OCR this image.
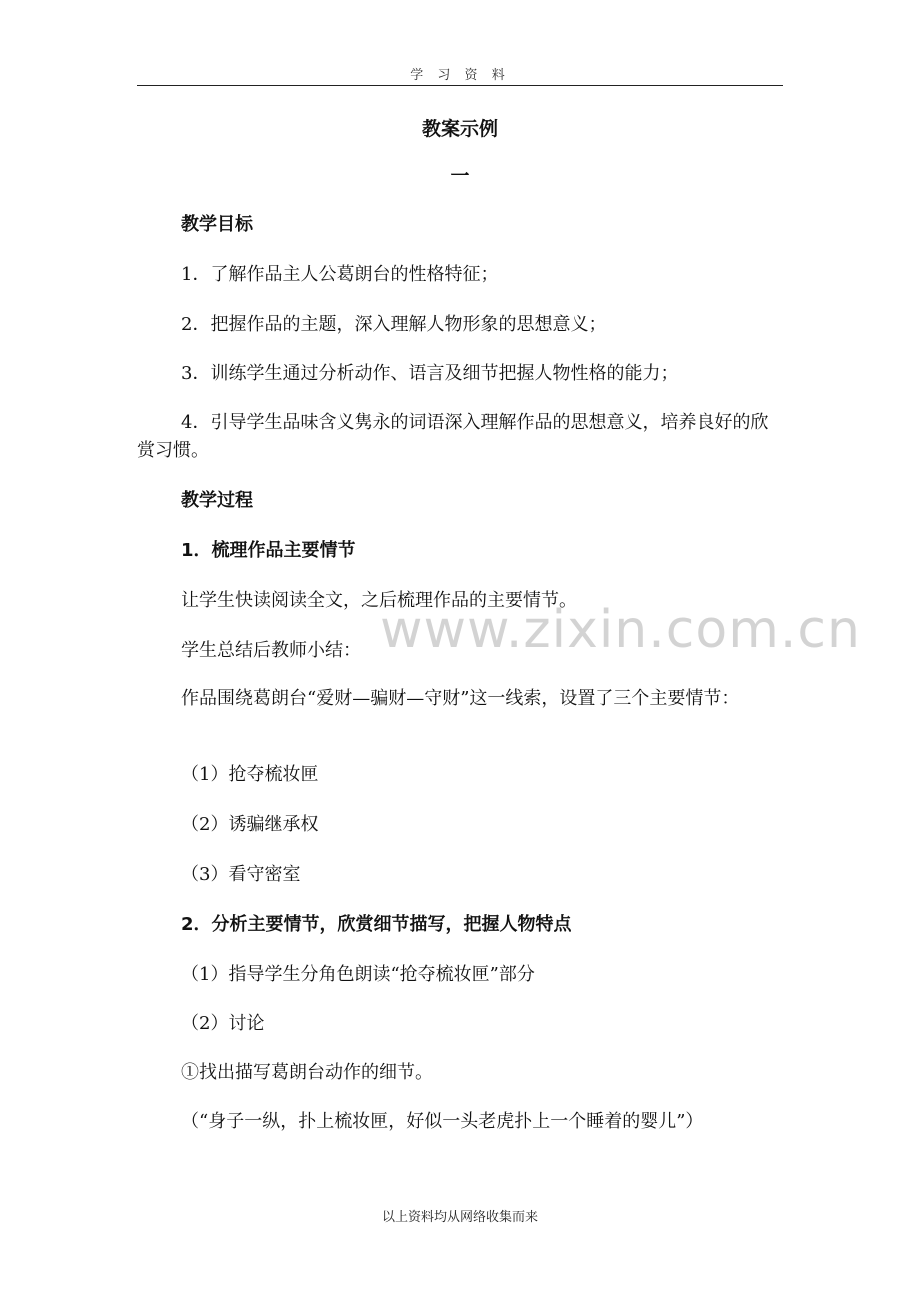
学 习 资 料
教案示例
一
教学目标
1．了解作品主人公葛朗台的性格特征；
2．把握作品的主题，深入理解人物形象的思想意义；
3．训练学生通过分析动作、语言及细节把握人物性格的能力；
4．引导学生品味含义隽永的词语深入理解作品的思想意义，培养良好的欣赏习惯。
教学过程
1．梳理作品主要情节
让学生快读阅读全文，之后梳理作品的主要情节。
学生总结后教师小结：
作品围绕葛朗台“爱财—骗财—守财”这一线索，设置了三个主要情节：
（1）抢夺梳妆匣
（2）诱骗继承权
（3）看守密室
2．分析主要情节，欣赏细节描写，把握人物特点
（1）指导学生分角色朗读“抢夺梳妆匣”部分
（2）讨论
①找出描写葛朗台动作的细节。
（“身子一纵，扑上梳妆匣，好似一头老虎扑上一个睡着的婴儿”）
www.zixin.com.cn
以上资料均从网络收集而来
